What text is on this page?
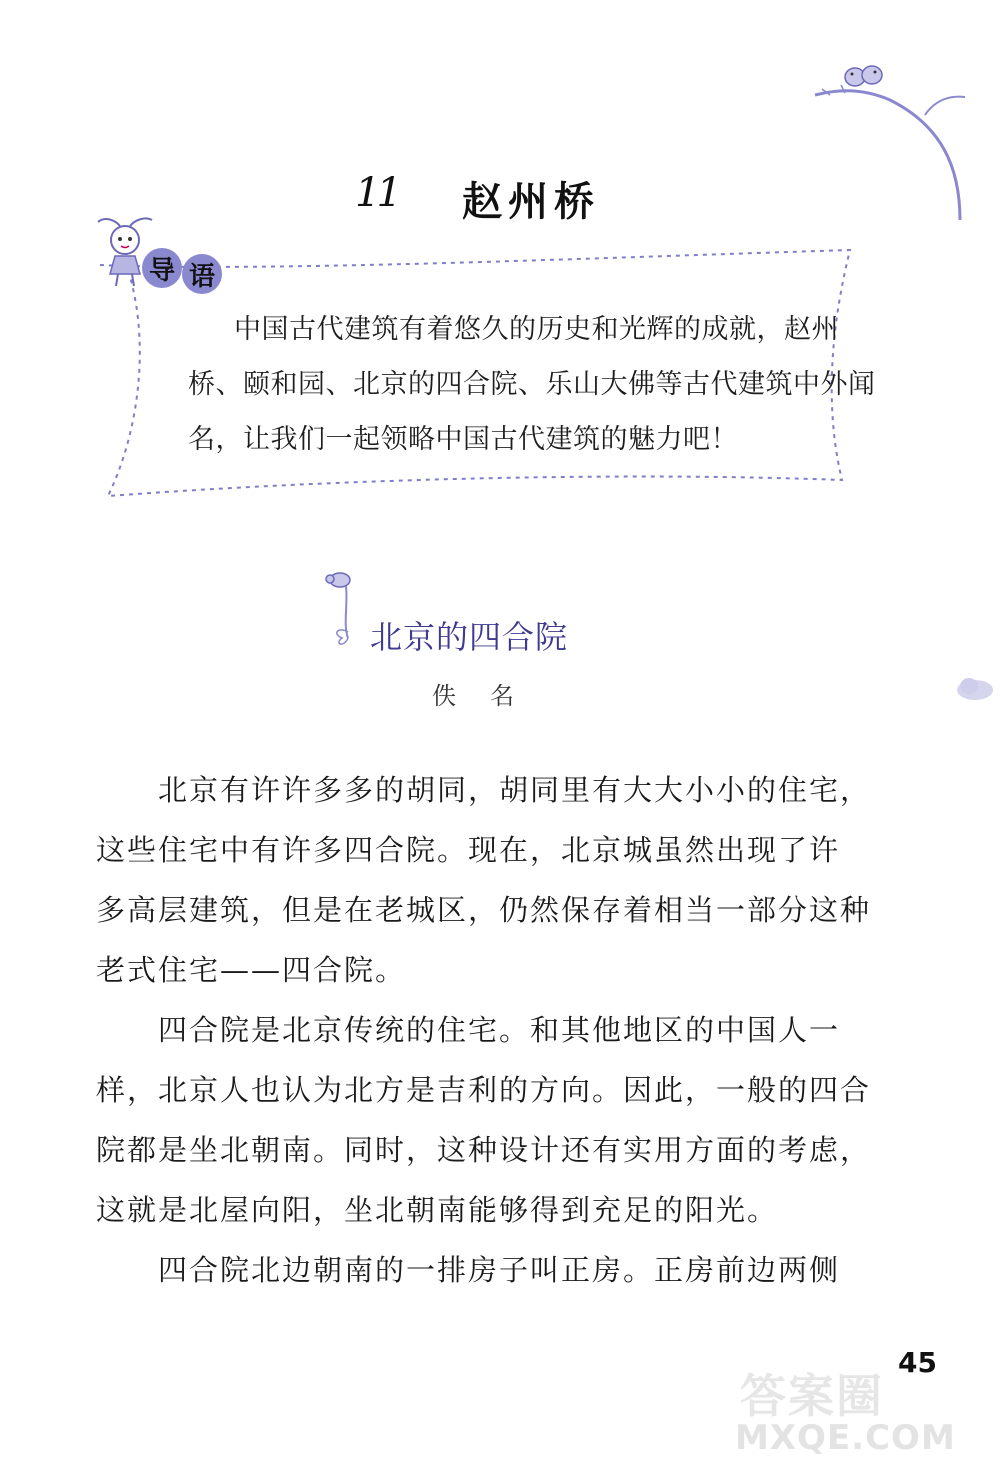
11 赵州桥
导 语
中国古代建筑有着悠久的历史和光辉的成就，赵州
桥、颐和园、北京的四合院、乐山大佛等古代建筑中外闻
名，让我们一起领略中国古代建筑的魅力吧！
北京的四合院
佚名
北京有许许多多的胡同，胡同里有大大小小的住宅，
这些住宅中有许多四合院。现在，北京城虽然出现了许
多高层建筑，但是在老城区，仍然保存着相当一部分这种
老式住宅——四合院。
四合院是北京传统的住宅。和其他地区的中国人一
样，北京人也认为北方是吉利的方向。因此，一般的四合
院都是坐北朝南。同时，这种设计还有实用方面的考虑，
这就是北屋向阳，坐北朝南能够得到充足的阳光。
四合院北边朝南的一排房子叫正房。正房前边两侧
45
答案圈
MXQE.COM
